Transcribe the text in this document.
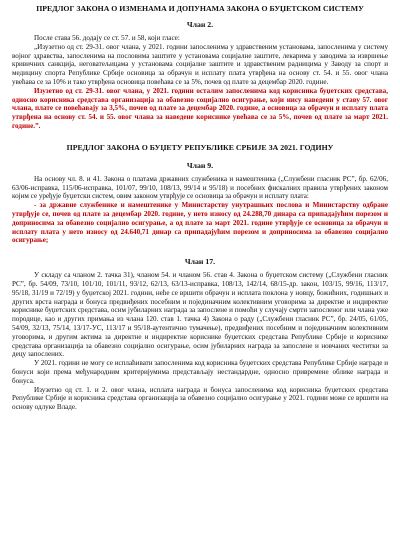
ПРЕДЛОГ ЗАКОНА О ИЗМЕНАМА И ДОПУНАМА ЗАКОНА О БУЏЕТСКОМ СИСТЕМУ
Члан 2.

После става 56. додају се ст. 57. и 58, који гласе:

„Изузетно од ст. 29-31. овог члана, у 2021. години запосленима у здравственим установама, запосленима у систему војног здравства, запосленима на пословима заштите у установама социјалне заштите, лекарима у заводима за извршење кривичних санкција, неговатељицама у установама социјалне заштите и здравственим радницима у Заводу за спорт и медицину спорта Републике Србије основица за обрачун и исплату плата утврђена на основу ст. 54. и 55. овог члана увећава се за 10% и тако утврђена основица повећава се за 5%, почев од плате за децембар 2020. године.

Изузетно од ст. 29-31. овог члана, у 2021. години осталим запосленима код корисника буџетских средстава, односно корисника средстава организација за обавезно социјално осигурање, који нису наведени у ставу 57. овог члана, плате се повећавају за 3,5%, почев од плате за децембар 2020. године, а основица за обрачун и исплату плата утврђена на основу ст. 54. и 55. овог члана за наведене кориснике увећава се за 5%, почев од плате за март 2021. године.”.

ПРЕДЛОГ ЗАКОНА О БУЏЕТУ РЕПУБЛИКЕ СРБИЈЕ ЗА 2021. ГОДИНУ
Члан 9.

На основу чл. 8. и 41. Закона о платама државних службеника и намештеника („Службени гласник РС”, бр. 62/06, 63/06-исправка, 115/06-исправка, 101/07, 99/10, 108/13, 99/14 и 95/18) и посебних фискалних правила утврђених законом којим се уређује буџетски систем, овим законом утврђује се основица за обрачун и исплату плата:

- за државне службенике и намештенике у Министарству унутрашњих послова и Министарству одбране утврђује се, почев од плате за децембар 2020. године, у нето износу од 24.288,70 динара са припадајућим порезом и доприносима за обавезно социјално осигурање, а од плате за март 2021. године утврђује се основица за обрачун и исплату плата у нето износу од 24.640,71 динар са припадајућим порезом и доприносима за обавезно социјално осигурање;

Члан 17.

У складу са чланом 2. тачка 31), чланом 54. и чланом 56. став 4. Закона о буџетском систему („Службени гласник РС”, бр. 54/09, 73/10, 101/10, 101/11, 93/12, 62/13, 63/13-исправка, 108/13, 142/14, 68/15-др. закон, 103/15, 99/16, 113/17, 95/18, 31/19 и 72/19) у буџетској 2021. години, неће се вршити обрачун и исплата поклона у новцу, божићних, годишњих и других врста награда и бонуса предвиђених посебним и појединачним колективним уговорима за директне и индиректне кориснике буџетских средстава, осим јубиларних награда за запослене и помоћи у случају смрти запосленог или члана уже породице, као и других примања из члана 120. став 1. тачка 4) Закона о раду („Службени гласник РС”, бр. 24/05, 61/05, 54/09, 32/13, 75/14, 13/17-УС, 113/17 и 95/18-аутентично тумачење), предвиђених посебним и појединачним колективним уговорима, и другим актима за директне и индиректне кориснике буџетских средстава Републике Србије и кориснике средстава организација за обавезно социјално осигурање, осим јубиларних награда за запослене и новчаних честитки за децу запослених.

У 2021. години не могу се исплаћивати запосленима код корисника буџетских средстава Републике Србије награде и бонуси који према међународним критеријумима представљају нестандардне, односно привремене облике награда и бонуса.

Изузетно од ст. 1. и 2. овог члана, исплата награда и бонуса запосленима код корисника буџетских средстава Републике Србије и корисника средстава организација за обавезно социјално осигурање у 2021. години може се вршити на основу одлуке Владе.
